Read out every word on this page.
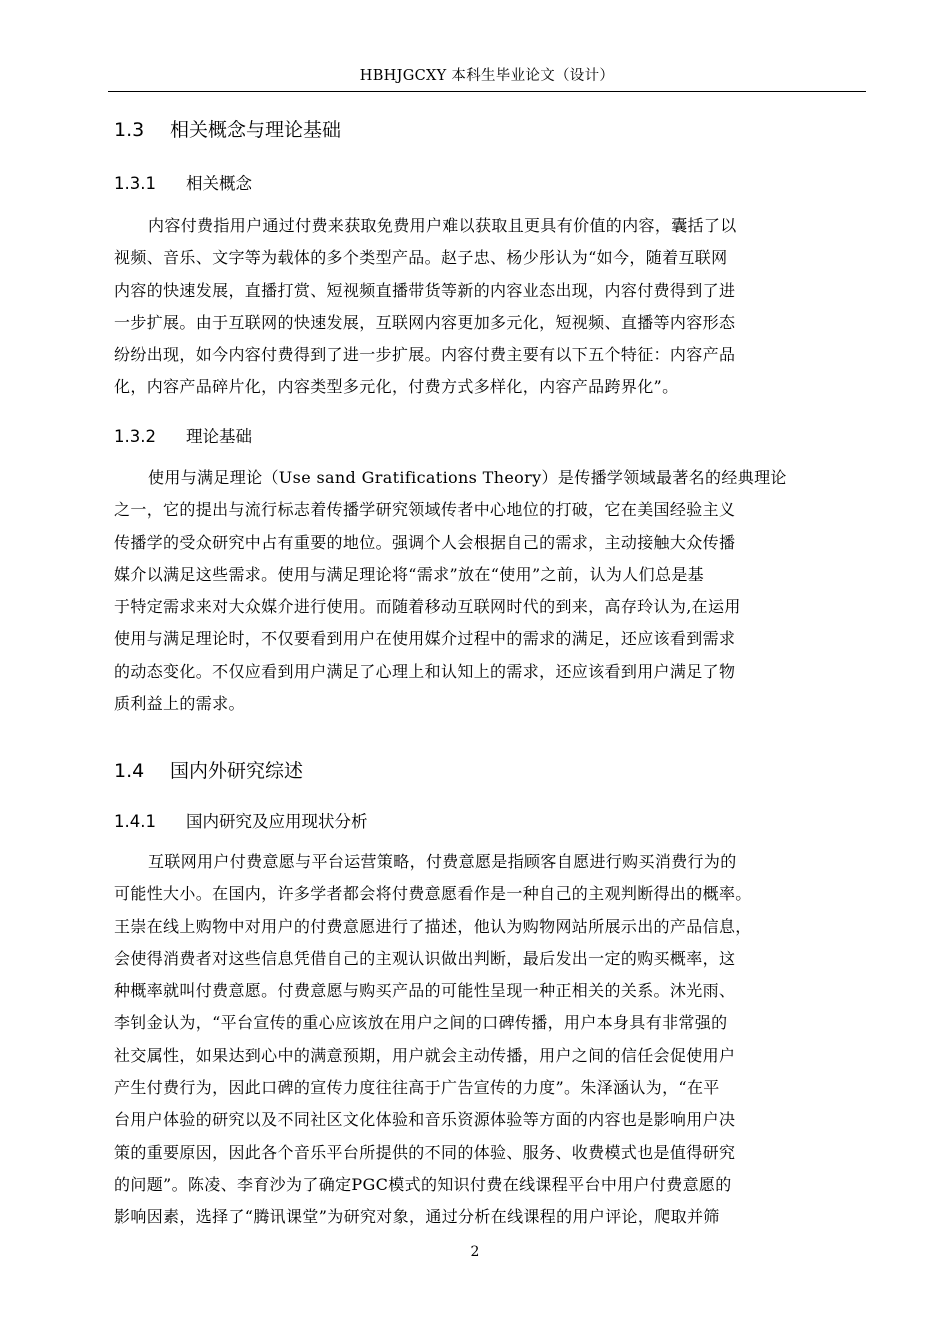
HBHJGCXY 本科生毕业论文（设计）
1.3 相关概念与理论基础
1.3.1 相关概念
内容付费指用户通过付费来获取免费用户难以获取且更具有价值的内容，囊括了以
视频、音乐、文字等为载体的多个类型产品。赵子忠、杨少彤认为“如今，随着互联网
内容的快速发展，直播打赏、短视频直播带货等新的内容业态出现，内容付费得到了进
一步扩展。由于互联网的快速发展，互联网内容更加多元化，短视频、直播等内容形态
纷纷出现，如今内容付费得到了进一步扩展。内容付费主要有以下五个特征：内容产品
化，内容产品碎片化，内容类型多元化，付费方式多样化，内容产品跨界化”。
1.3.2 理论基础
使用与满足理论（Use sand Gratifications Theory）是传播学领域最著名的经典理论
之一，它的提出与流行标志着传播学研究领域传者中心地位的打破，它在美国经验主义
传播学的受众研究中占有重要的地位。强调个人会根据自己的需求，主动接触大众传播
媒介以满足这些需求。使用与满足理论将“需求”放在“使用”之前，认为人们总是基
于特定需求来对大众媒介进行使用。而随着移动互联网时代的到来，高存玲认为,在运用
使用与满足理论时，不仅要看到用户在使用媒介过程中的需求的满足，还应该看到需求
的动态变化。不仅应看到用户满足了心理上和认知上的需求，还应该看到用户满足了物
质利益上的需求。
1.4 国内外研究综述
1.4.1 国内研究及应用现状分析
互联网用户付费意愿与平台运营策略，付费意愿是指顾客自愿进行购买消费行为的
可能性大小。在国内，许多学者都会将付费意愿看作是一种自己的主观判断得出的概率。
王崇在线上购物中对用户的付费意愿进行了描述，他认为购物网站所展示出的产品信息，
会使得消费者对这些信息凭借自己的主观认识做出判断，最后发出一定的购买概率，这
种概率就叫付费意愿。付费意愿与购买产品的可能性呈现一种正相关的关系。沐光雨、
李钊金认为，“平台宣传的重心应该放在用户之间的口碑传播，用户本身具有非常强的
社交属性，如果达到心中的满意预期，用户就会主动传播，用户之间的信任会促使用户
产生付费行为，因此口碑的宣传力度往往高于广告宣传的力度”。朱泽涵认为，“在平
台用户体验的研究以及不同社区文化体验和音乐资源体验等方面的内容也是影响用户决
策的重要原因，因此各个音乐平台所提供的不同的体验、服务、收费模式也是值得研究
的问题”。陈凌、李育沙为了确定PGC模式的知识付费在线课程平台中用户付费意愿的
影响因素，选择了“腾讯课堂”为研究对象，通过分析在线课程的用户评论，爬取并筛
2
